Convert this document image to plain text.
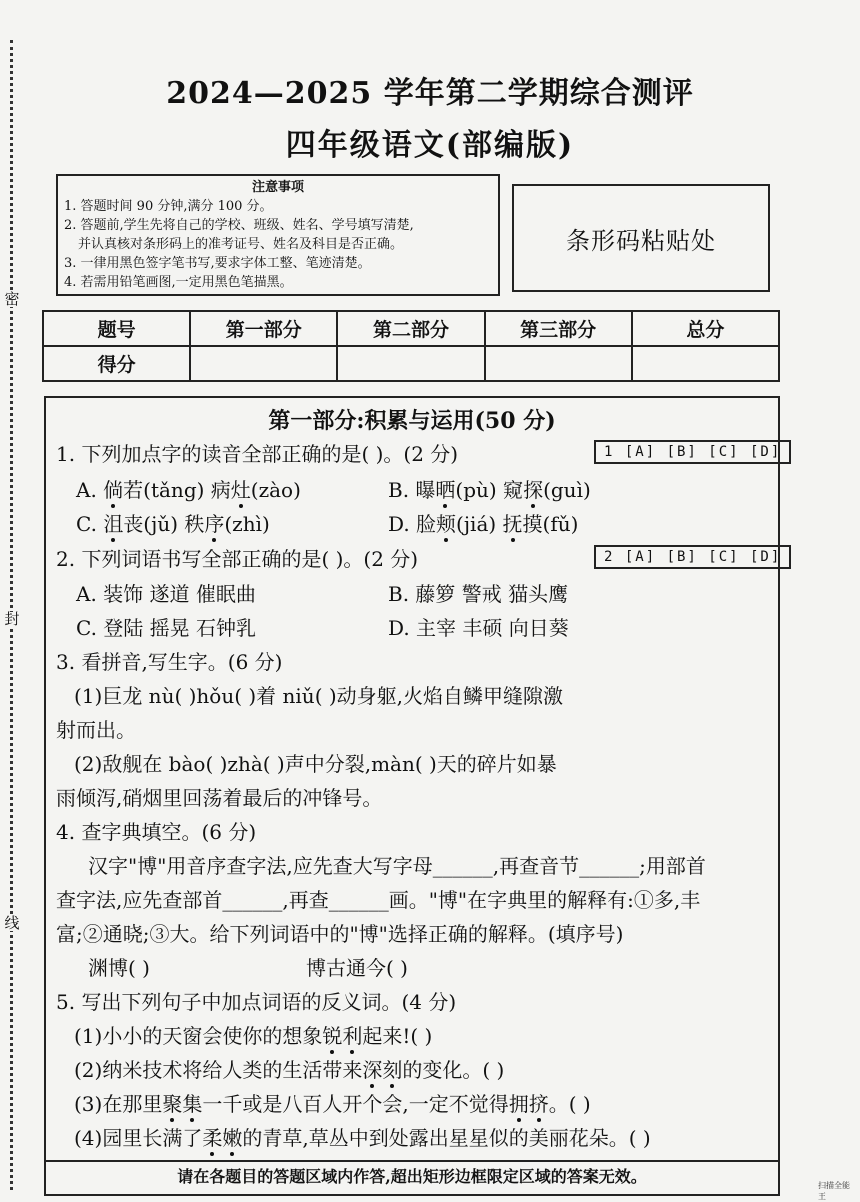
密
封
线
2024—2025 学年第二学期综合测评
四年级语文(部编版)
注意事项
1. 答题时间 90 分钟,满分 100 分。
2. 答题前,学生先将自己的学校、班级、姓名、学号填写清楚,
并认真核对条形码上的准考证号、姓名及科目是否正确。
3. 一律用黑色签字笔书写,要求字体工整、笔迹清楚。
4. 若需用铅笔画图,一定用黑色笔描黑。
条形码粘贴处
题号	第一部分	第二部分	第三部分	总分
得分				
第一部分:积累与运用(50 分)
1. 下列加点字的读音全部正确的是( )。(2 分)	1 [A] [B] [C] [D]
A. 倘若(tǎng) 病灶(zào)	B. 曝晒(pù) 窥探(guì)
C. 沮丧(jǔ) 秩序(zhì)	D. 脸颊(jiá) 抚摸(fǔ)
2. 下列词语书写全部正确的是( )。(2 分)	2 [A] [B] [C] [D]
A. 装饰 遂道 催眠曲	B. 藤箩 警戒 猫头鹰
C. 登陆 摇晃 石钟乳	D. 主宰 丰硕 向日葵
3. 看拼音,写生字。(6 分)
(1)巨龙 nù( )hǒu( )着 niǔ( )动身躯,火焰自鳞甲缝隙激
射而出。
(2)敌舰在 bào( )zhà( )声中分裂,màn( )天的碎片如暴
雨倾泻,硝烟里回荡着最后的冲锋号。
4. 查字典填空。(6 分)
汉字"博"用音序查字法,应先查大写字母______,再查音节______;用部首
查字法,应先查部首______,再查______画。"博"在字典里的解释有:①多,丰
富;②通晓;③大。给下列词语中的"博"选择正确的解释。(填序号)
渊博( )	博古通今( )
5. 写出下列句子中加点词语的反义词。(4 分)
(1)小小的天窗会使你的想象锐利起来!( )
(2)纳米技术将给人类的生活带来深刻的变化。( )
(3)在那里聚集一千或是八百人开个会,一定不觉得拥挤。( )
(4)园里长满了柔嫩的青草,草丛中到处露出星星似的美丽花朵。( )
请在各题目的答题区域内作答,超出矩形边框限定区域的答案无效。	扫描全能王
